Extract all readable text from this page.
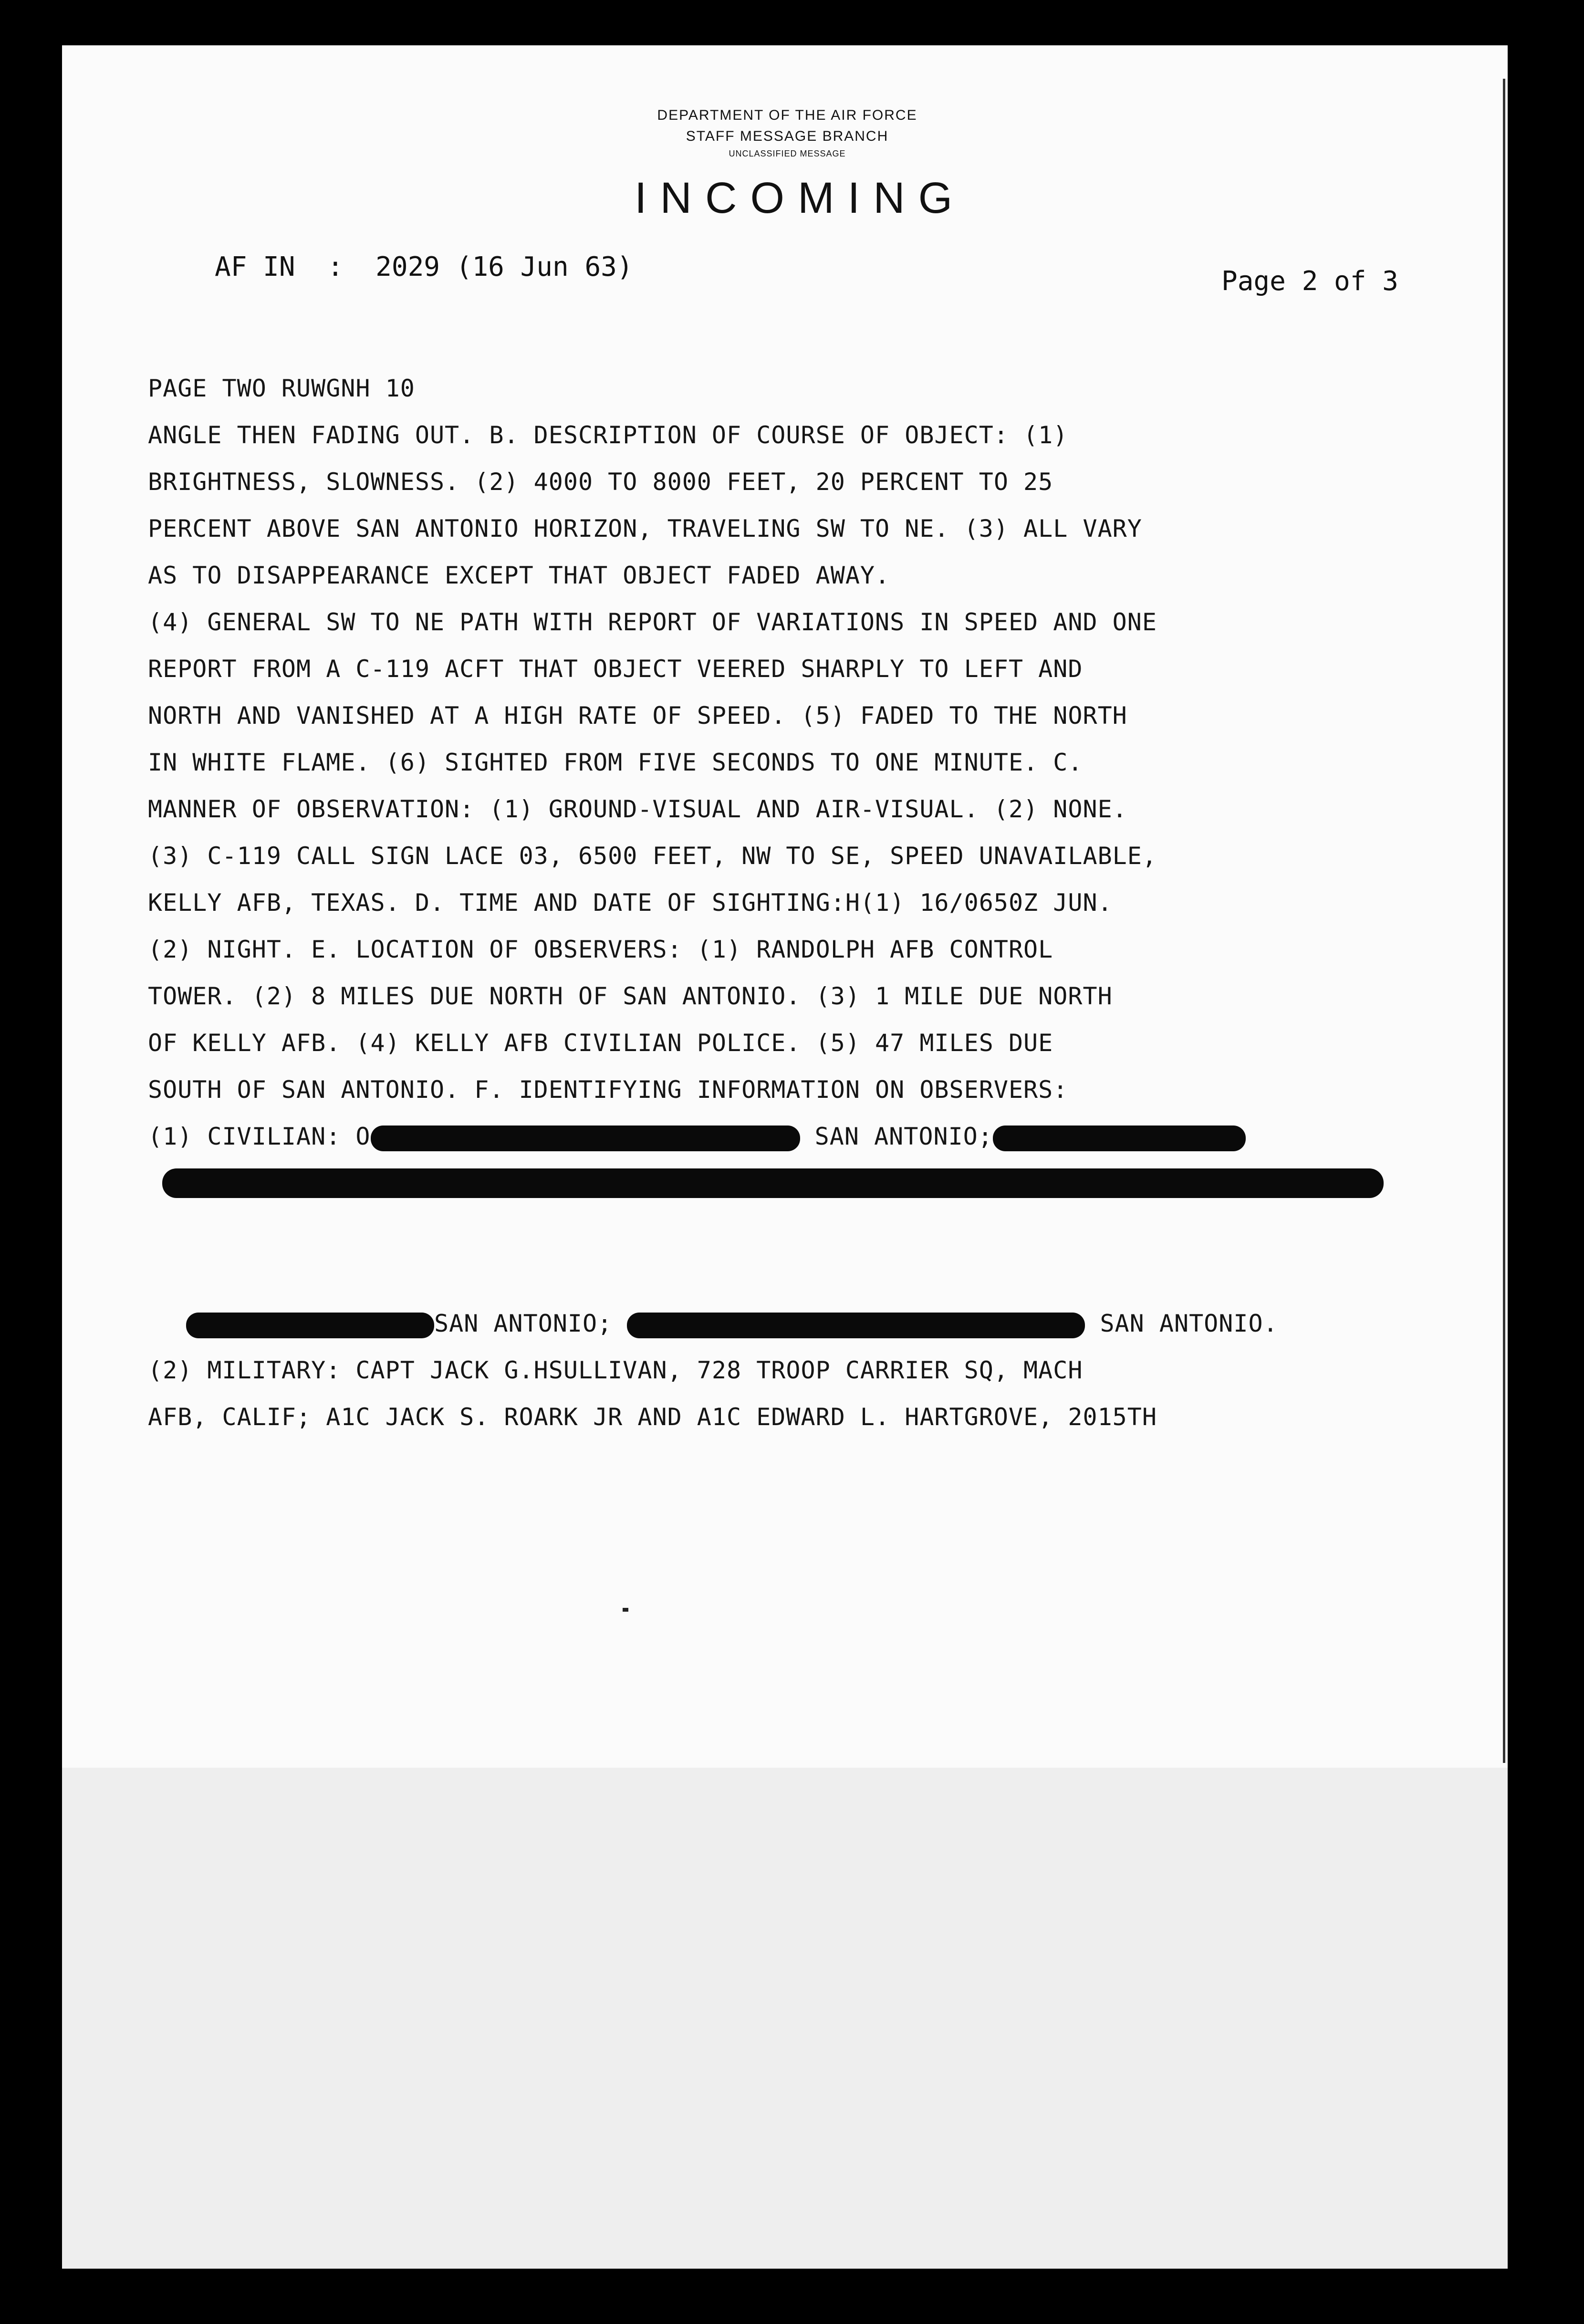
DEPARTMENT OF THE AIR FORCE
STAFF MESSAGE BRANCH
UNCLASSIFIED MESSAGE
INCOMING
AF IN  :  2029 (16 Jun 63)	Page 2 of 3
PAGE TWO RUWGNH 10
ANGLE THEN FADING OUT. B. DESCRIPTION OF COURSE OF OBJECT: (1)
BRIGHTNESS, SLOWNESS. (2) 4000 TO 8000 FEET, 20 PERCENT TO 25
PERCENT ABOVE SAN ANTONIO HORIZON, TRAVELING SW TO NE. (3) ALL VARY
AS TO DISAPPEARANCE EXCEPT THAT OBJECT FADED AWAY.
(4) GENERAL SW TO NE PATH WITH REPORT OF VARIATIONS IN SPEED AND ONE
REPORT FROM A C-119 ACFT THAT OBJECT VEERED SHARPLY TO LEFT AND
NORTH AND VANISHED AT A HIGH RATE OF SPEED. (5) FADED TO THE NORTH
IN WHITE FLAME. (6) SIGHTED FROM FIVE SECONDS TO ONE MINUTE. C.
MANNER OF OBSERVATION: (1) GROUND-VISUAL AND AIR-VISUAL. (2) NONE.
(3) C-119 CALL SIGN LACE 03, 6500 FEET, NW TO SE, SPEED UNAVAILABLE,
KELLY AFB, TEXAS. D. TIME AND DATE OF SIGHTING:H(1) 16/0650Z JUN.
(2) NIGHT. E. LOCATION OF OBSERVERS: (1) RANDOLPH AFB CONTROL
TOWER. (2) 8 MILES DUE NORTH OF SAN ANTONIO. (3) 1 MILE DUE NORTH
OF KELLY AFB. (4) KELLY AFB CIVILIAN POLICE. (5) 47 MILES DUE
SOUTH OF SAN ANTONIO. F. IDENTIFYING INFORMATION ON OBSERVERS:
(1) CIVILIAN: O	SAN ANTONIO;

SAN ANTONIO;	SAN ANTONIO.
(2) MILITARY: CAPT JACK G.HSULLIVAN, 728 TROOP CARRIER SQ, MACH
AFB, CALIF; A1C JACK S. ROARK JR AND A1C EDWARD L. HARTGROVE, 2015TH
